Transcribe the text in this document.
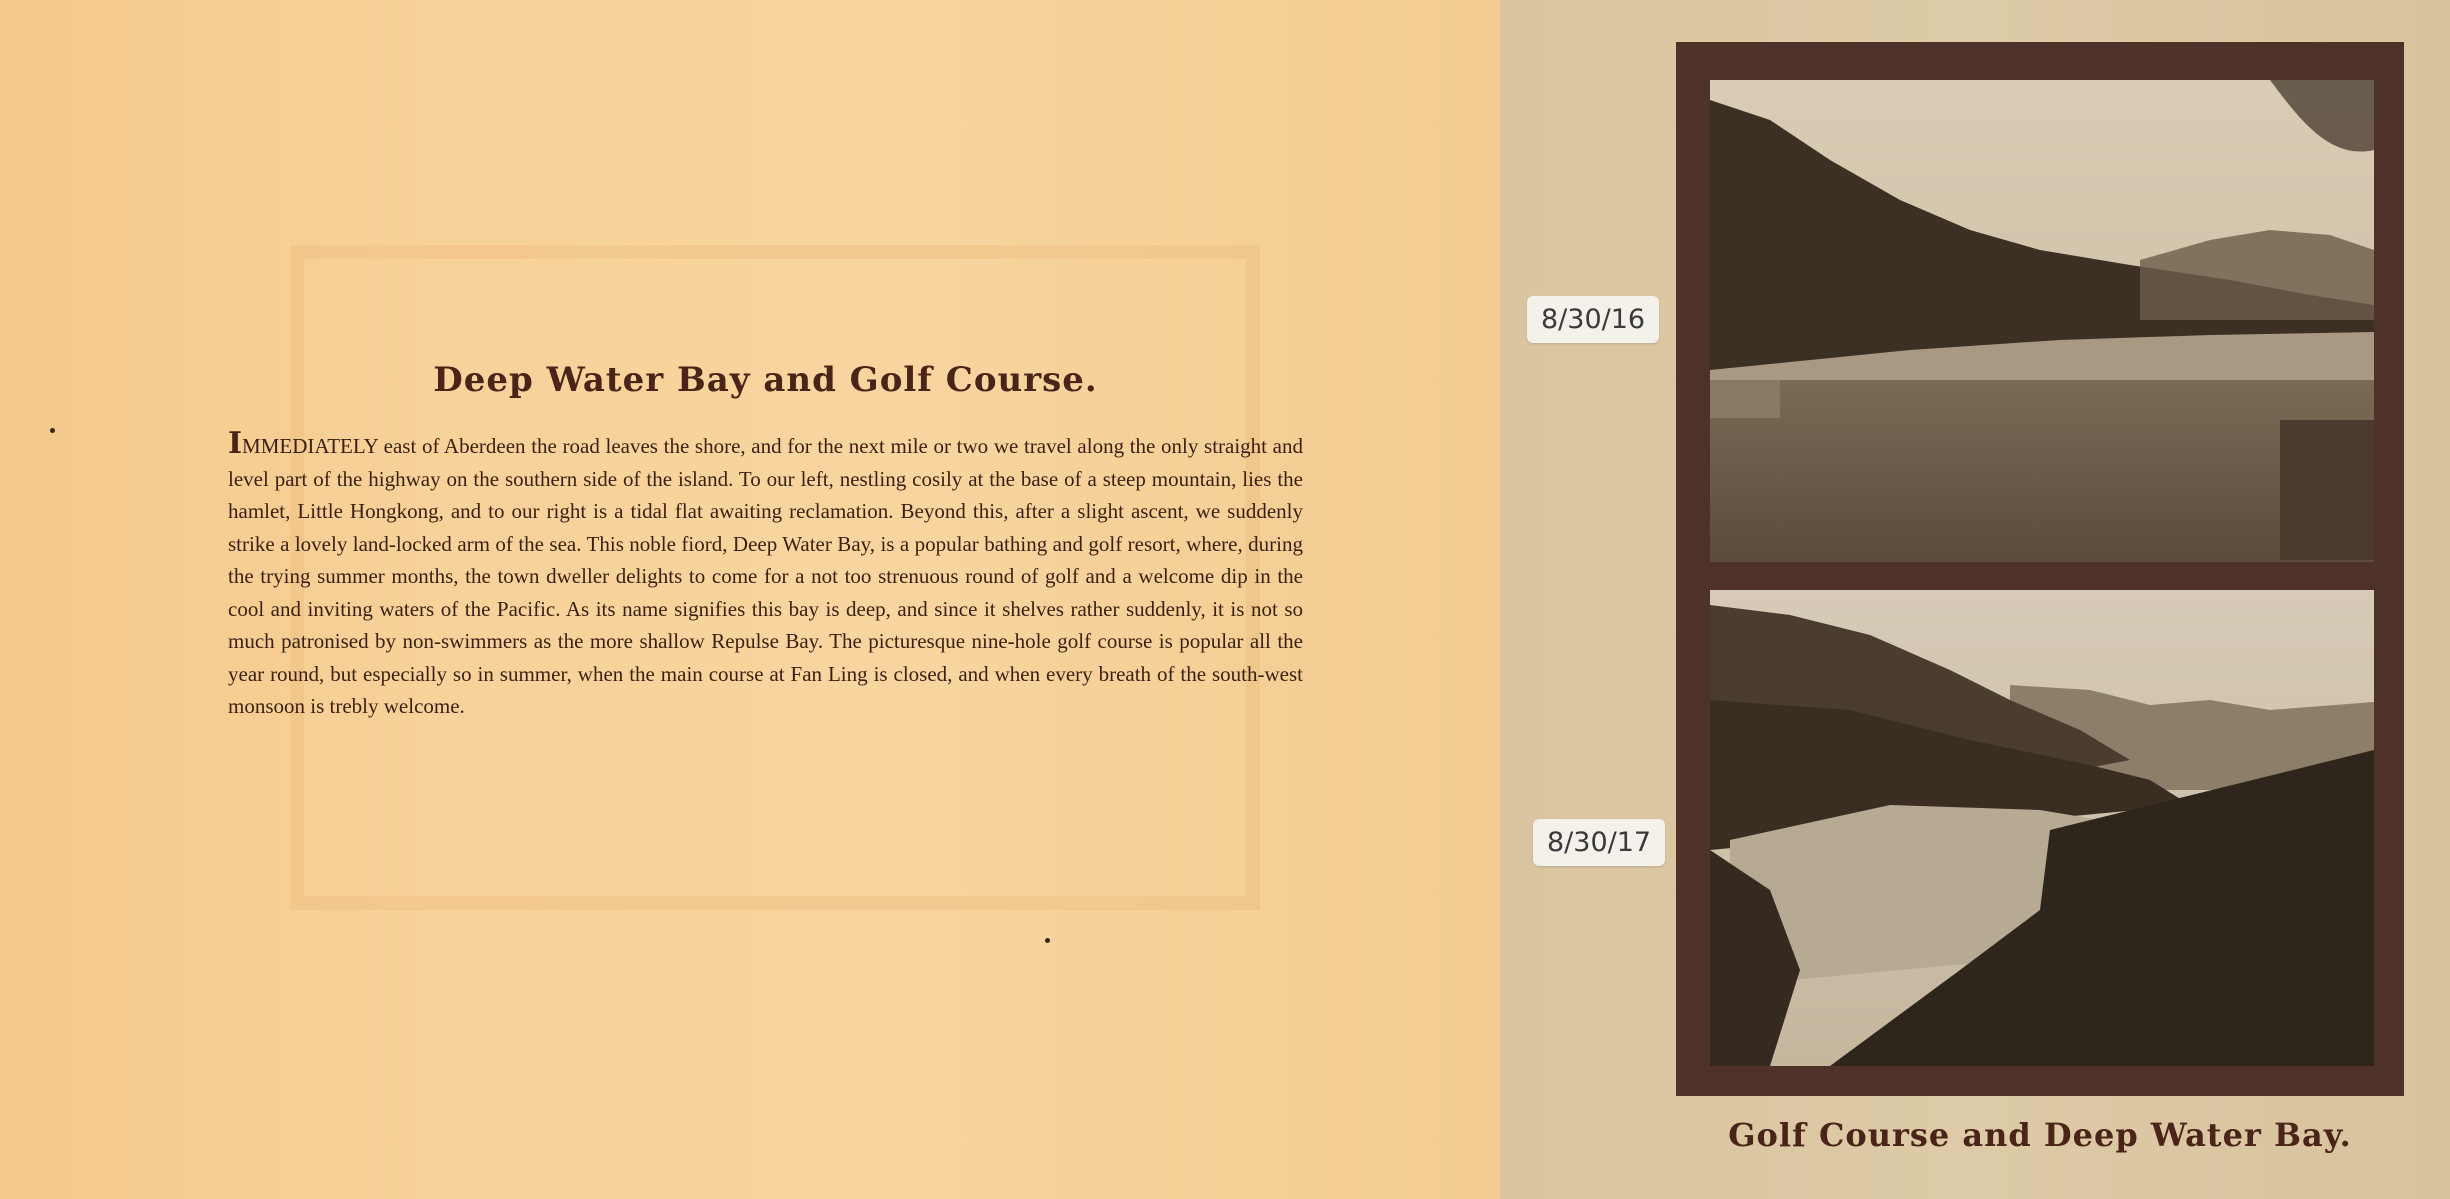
Deep Water Bay and Golf Course.

IMMEDIATELY east of Aberdeen the road leaves the shore, and for the next mile or two we travel along the only straight and level part of the highway on the southern side of the island. To our left, nestling cosily at the base of a steep mountain, lies the hamlet, Little Hongkong, and to our right is a tidal flat awaiting reclamation. Beyond this, after a slight ascent, we suddenly strike a lovely land-locked arm of the sea. This noble fiord, Deep Water Bay, is a popular bathing and golf resort, where, during the trying summer months, the town dweller delights to come for a not too strenuous round of golf and a welcome dip in the cool and inviting waters of the Pacific. As its name signifies this bay is deep, and since it shelves rather suddenly, it is not so much patronised by non-swimmers as the more shallow Repulse Bay. The picturesque nine-hole golf course is popular all the year round, but especially so in summer, when the main course at Fan Ling is closed, and when every breath of the south-west monsoon is trebly welcome.

8/30/16
8/30/17
Golf Course and Deep Water Bay.
